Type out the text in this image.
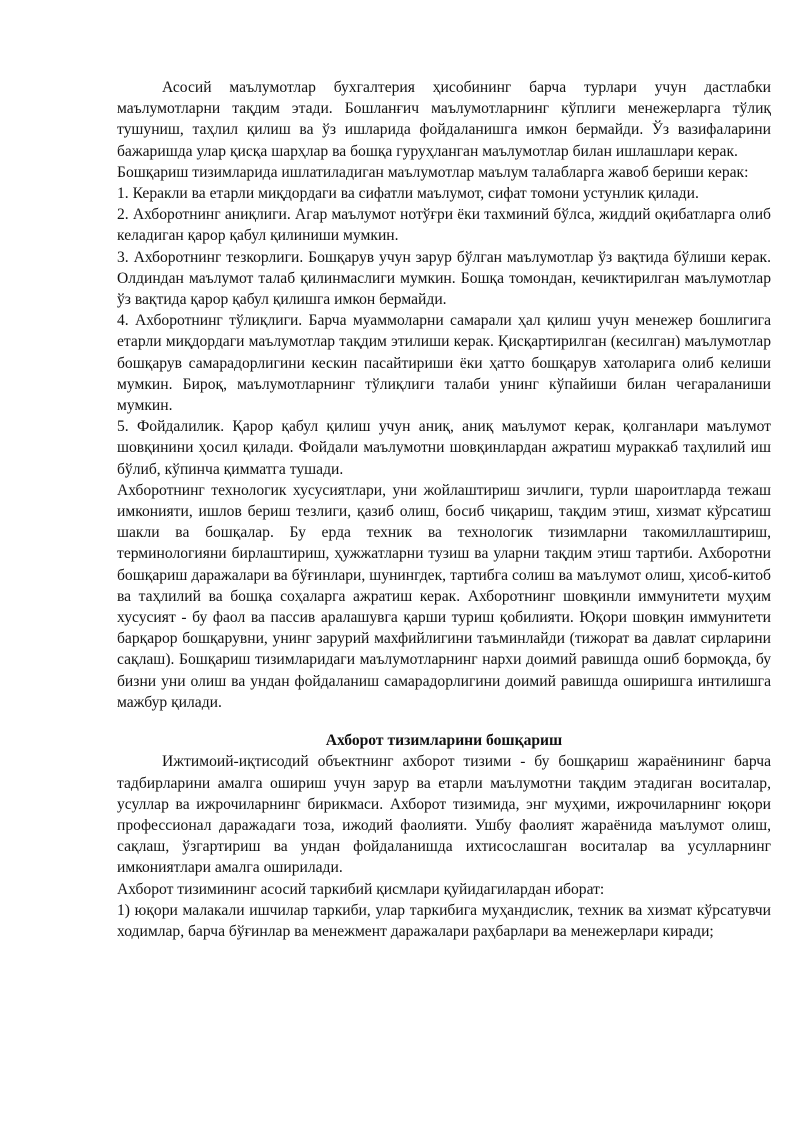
Асосий маълумотлар бухгалтерия ҳисобининг барча турлари учун дастлабки маълумотларни тақдим этади. Бошланғич маълумотларнинг кўплиги менежерларга тўлиқ тушуниш, таҳлил қилиш ва ўз ишларида фойдаланишга имкон бермайди. Ўз вазифаларини бажаришда улар қисқа шарҳлар ва бошқа гуруҳланган маълумотлар билан ишлашлари керак.

Бошқариш тизимларида ишлатиладиган маълумотлар маълум талабларга жавоб бериши керак:

1. Керакли ва етарли миқдордаги ва сифатли маълумот, сифат томони устунлик қилади.

2. Ахборотнинг аниқлиги. Агар маълумот нотўғри ёки тахминий бўлса, жиддий оқибатларга олиб келадиган қарор қабул қилиниши мумкин.

3. Ахборотнинг тезкорлиги. Бошқарув учун зарур бўлган маълумотлар ўз вақтида бўлиши керак. Олдиндан маълумот талаб қилинмаслиги мумкин. Бошқа томондан, кечиктирилган маълумотлар ўз вақтида қарор қабул қилишга имкон бермайди.

4. Ахборотнинг тўлиқлиги. Барча муаммоларни самарали ҳал қилиш учун менежер бошлигига етарли миқдордаги маълумотлар тақдим этилиши керак. Қисқартирилган (кесилган) маълумотлар бошқарув самарадорлигини кескин пасайтириши ёки ҳатто бошқарув хатоларига олиб келиши мумкин. Бироқ, маълумотларнинг тўлиқлиги талаби унинг кўпайиши билан чегараланиши мумкин.

5. Фойдалилик. Қарор қабул қилиш учун аниқ, аниқ маълумот керак, қолганлари маълумот шовқинини ҳосил қилади. Фойдали маълумотни шовқинлардан ажратиш мураккаб таҳлилий иш бўлиб, кўпинча қимматга тушади.

Ахборотнинг технологик хусусиятлари, уни жойлаштириш зичлиги, турли шароитларда тежаш имконияти, ишлов бериш тезлиги, қазиб олиш, босиб чиқариш, тақдим этиш, хизмат кўрсатиш шакли ва бошқалар. Бу ерда техник ва технологик тизимларни такомиллаштириш, терминологияни бирлаштириш, ҳужжатларни тузиш ва уларни тақдим этиш тартиби. Ахборотни бошқариш даражалари ва бўғинлари, шунингдек, тартибга солиш ва маълумот олиш, ҳисоб-китоб ва таҳлилий ва бошқа соҳаларга ажратиш керак. Ахборотнинг шовқинли иммунитети муҳим хусусият - бу фаол ва пассив аралашувга қарши туриш қобилияти. Юқори шовқин иммунитети барқарор бошқарувни, унинг зарурий махфийлигини таъминлайди (тижорат ва давлат сирларини сақлаш). Бошқариш тизимларидаги маълумотларнинг нархи доимий равишда ошиб бормоқда, бу бизни уни олиш ва ундан фойдаланиш самарадорлигини доимий равишда оширишга интилишга мажбур қилади.

Ахборот тизимларини бошқариш

Ижтимоий-иқтисодий объектнинг ахборот тизими - бу бошқариш жараёнининг барча тадбирларини амалга ошириш учун зарур ва етарли маълумотни тақдим этадиган воситалар, усуллар ва ижрочиларнинг бирикмаси. Ахборот тизимида, энг муҳими, ижрочиларнинг юқори профессионал даражадаги тоза, ижодий фаолияти. Ушбу фаолият жараёнида маълумот олиш, сақлаш, ўзгартириш ва ундан фойдаланишда ихтисослашган воситалар ва усулларнинг имкониятлари амалга оширилади.

Ахборот тизимининг асосий таркибий қисмлари қуйидагилардан иборат:

1) юқори малакали ишчилар таркиби, улар таркибига муҳандислик, техник ва хизмат кўрсатувчи ходимлар, барча бўғинлар ва менежмент даражалари раҳбарлари ва менежерлари киради;
